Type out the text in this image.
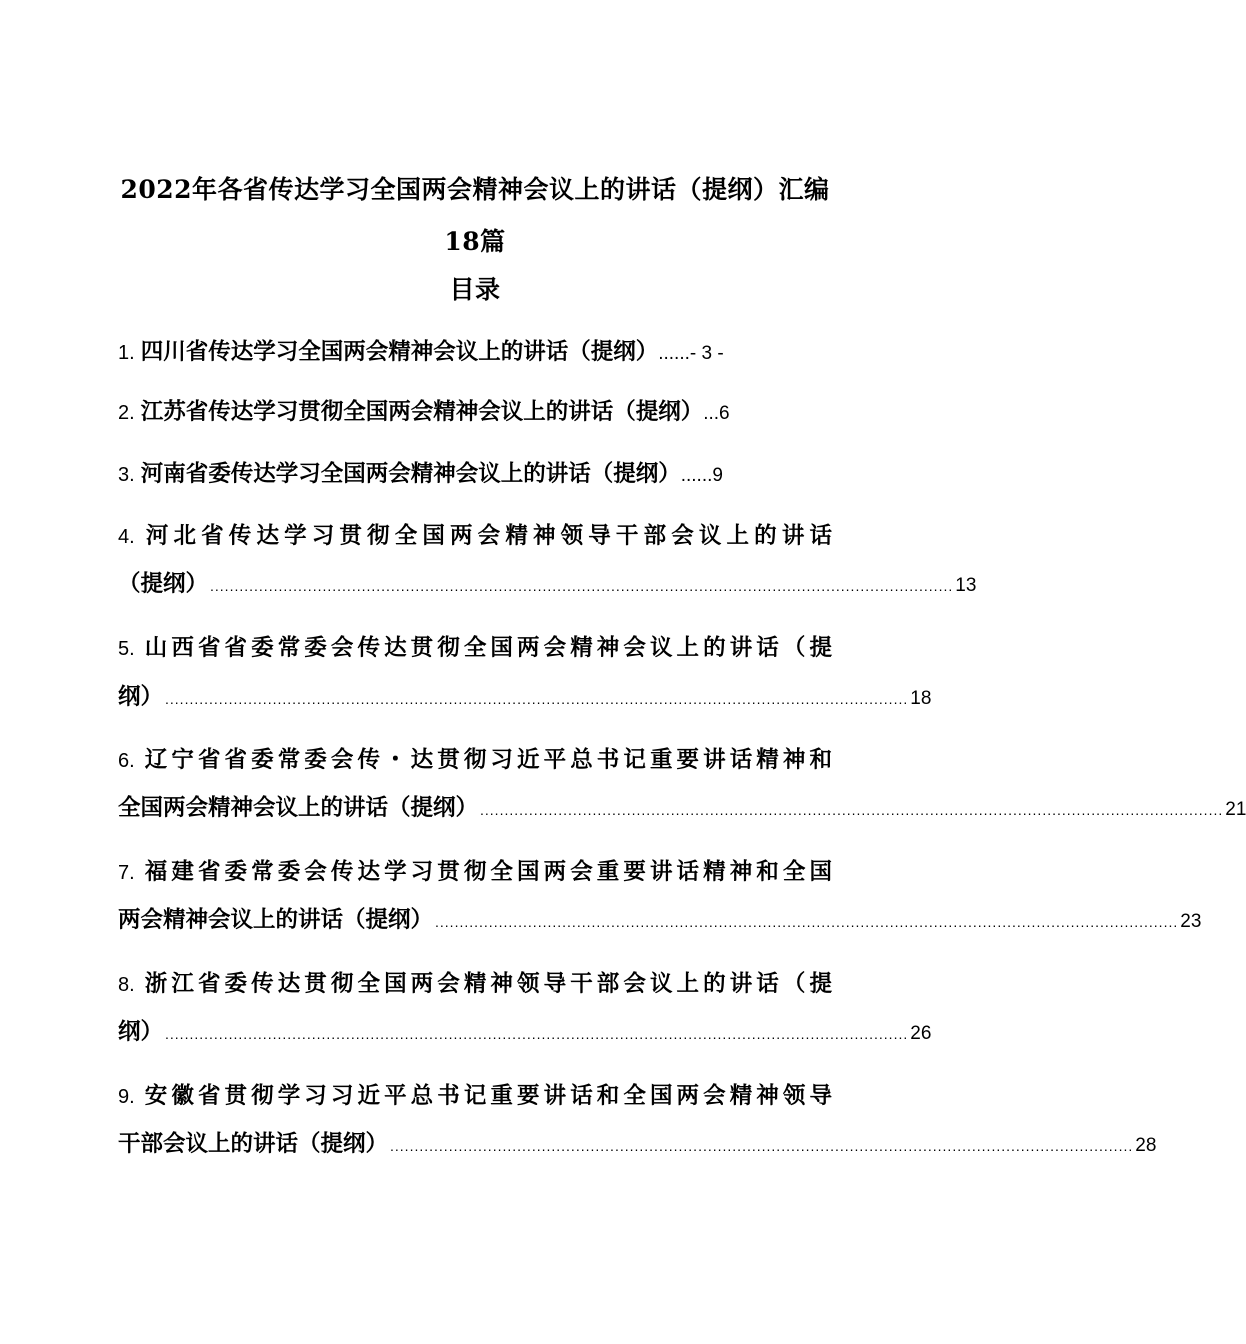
2022年各省传达学习全国两会精神会议上的讲话（提纲）汇编
18篇
目录
1. 四川省传达学习全国两会精神会议上的讲话（提纲） ...... - 3 -
2. 江苏省传达学习贯彻全国两会精神会议上的讲话（提纲） ... 6
3. 河南省委传达学习全国两会精神会议上的讲话（提纲） ...... 9
4. 河北省传达学习贯彻全国两会精神领导干部会议上的讲话
（提纲） ........................................................................................................................................................ 13
5. 山西省省委常委会传达贯彻全国两会精神会议上的讲话（提
纲） ........................................................................................................................................................ 18
6. 辽宁省省委常委会传・达贯彻习近平总书记重要讲话精神和
全国两会精神会议上的讲话（提纲） ........................................................................................................................................................ 21
7. 福建省委常委会传达学习贯彻全国两会重要讲话精神和全国
两会精神会议上的讲话（提纲） ........................................................................................................................................................ 23
8. 浙江省委传达贯彻全国两会精神领导干部会议上的讲话（提
纲） ........................................................................................................................................................ 26
9. 安徽省贯彻学习习近平总书记重要讲话和全国两会精神领导
干部会议上的讲话（提纲） ........................................................................................................................................................ 28
